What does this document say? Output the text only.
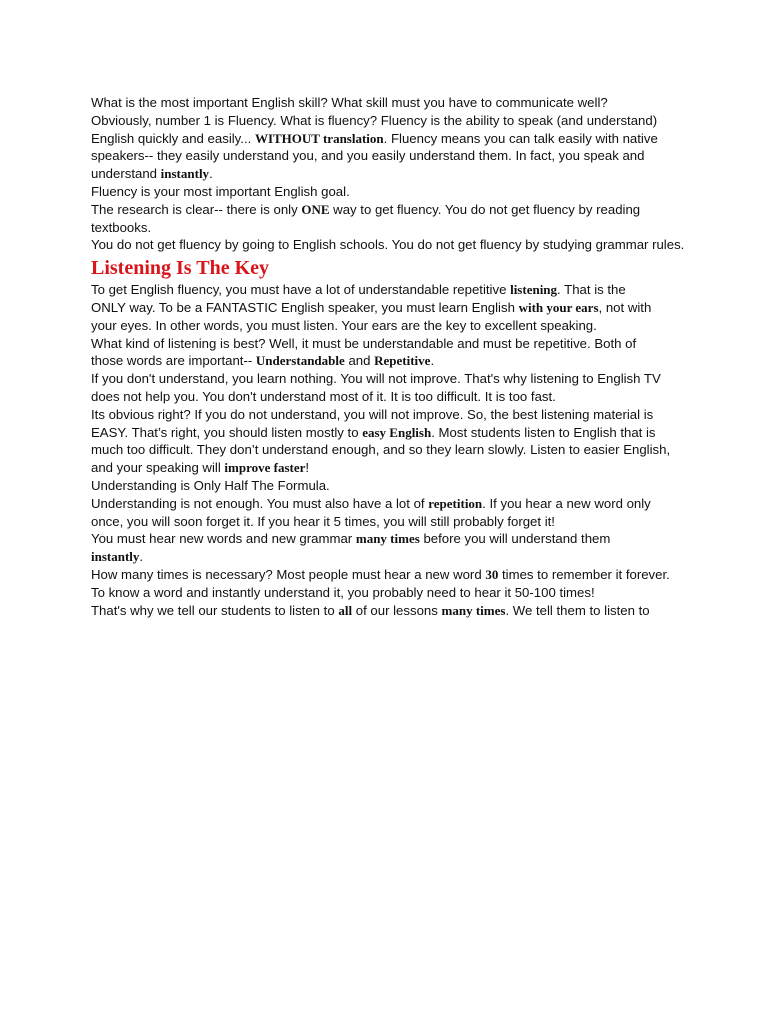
What is the most important English skill? What skill must you have to communicate well?
Obviously, number 1 is Fluency. What is fluency? Fluency is the ability to speak (and understand)
English quickly and easily... WITHOUT translation. Fluency means you can talk easily with native
speakers-- they easily understand you, and you easily understand them. In fact, you speak and
understand instantly.
Fluency is your most important English goal.
The research is clear-- there is only ONE way to get fluency. You do not get fluency by reading textbooks.
You do not get fluency by going to English schools. You do not get fluency by studying grammar rules.
Listening Is The Key
To get English fluency, you must have a lot of understandable repetitive listening. That is the
ONLY way. To be a FANTASTIC English speaker, you must learn English with your ears, not with
your eyes. In other words, you must listen. Your ears are the key to excellent speaking.
What kind of listening is best? Well, it must be understandable and must be repetitive. Both of
those words are important-- Understandable and Repetitive.
If you don't understand, you learn nothing. You will not improve. That's why listening to English TV
does not help you. You don't understand most of it. It is too difficult. It is too fast.
Its obvious right? If you do not understand, you will not improve. So, the best listening material is
EASY. That’s right, you should listen mostly to easy English. Most students listen to English that is
much too difficult. They don’t understand enough, and so they learn slowly. Listen to easier English,
and your speaking will improve faster!
Understanding is Only Half The Formula.
Understanding is not enough. You must also have a lot of repetition. If you hear a new word only
once, you will soon forget it. If you hear it 5 times, you will still probably forget it!
You must hear new words and new grammar many times before you will understand them
instantly.
How many times is necessary? Most people must hear a new word 30 times to remember it forever.
To know a word and instantly understand it, you probably need to hear it 50-100 times!
That's why we tell our students to listen to all of our lessons many times. We tell them to listen to
